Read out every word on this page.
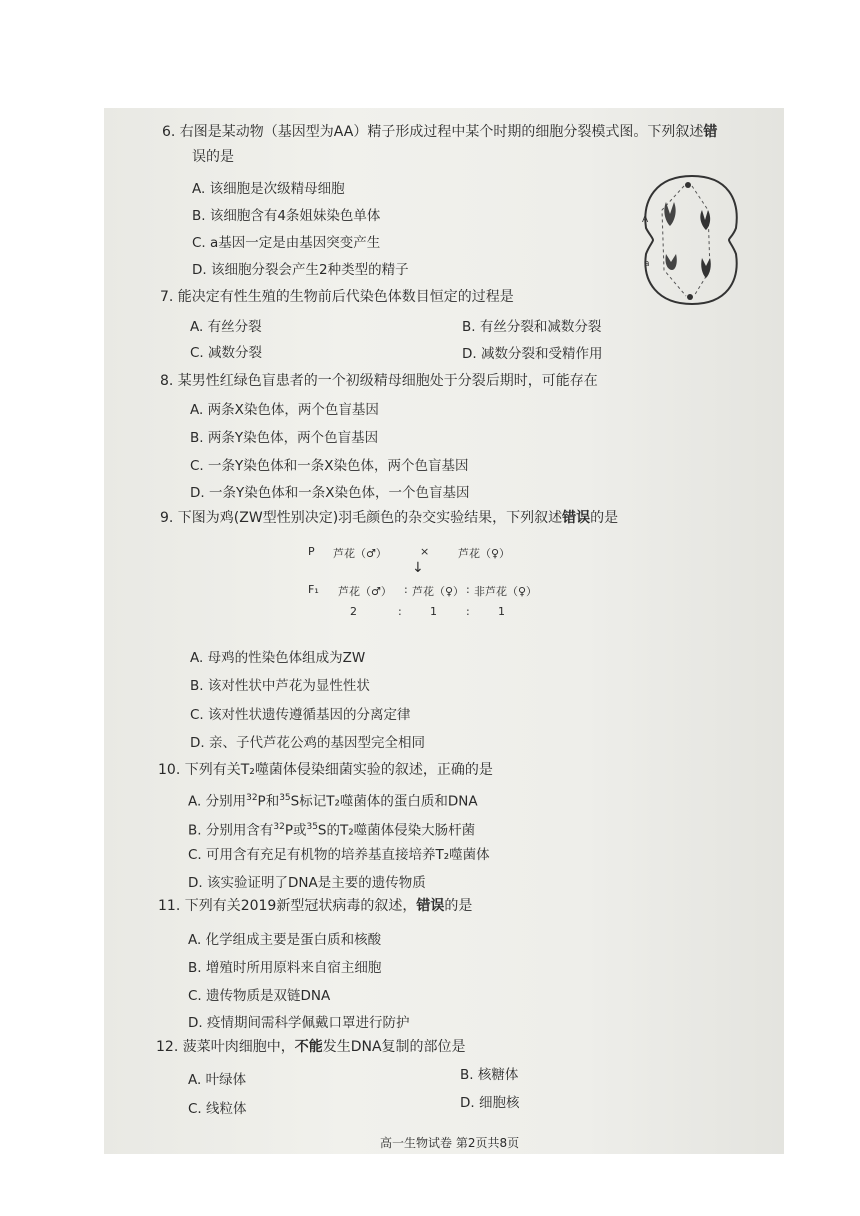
6. 右图是某动物（基因型为AA）精子形成过程中某个时期的细胞分裂模式图。下列叙述错
误的是
A. 该细胞是次级精母细胞
B. 该细胞含有4条姐妹染色单体
C. a基因一定是由基因突变产生
D. 该细胞分裂会产生2种类型的精子
A
a
7. 能决定有性生殖的生物前后代染色体数目恒定的过程是
A. 有丝分裂	B. 有丝分裂和减数分裂
C. 减数分裂	D. 减数分裂和受精作用
8. 某男性红绿色盲患者的一个初级精母细胞处于分裂后期时，可能存在
A. 两条X染色体，两个色盲基因
B. 两条Y染色体，两个色盲基因
C. 一条Y染色体和一条X染色体，两个色盲基因
D. 一条Y染色体和一条X染色体，一个色盲基因
9. 下图为鸡(ZW型性别决定)羽毛颜色的杂交实验结果，下列叙述错误的是
P 芦花（♂）	×	芦花（♀）
↓
F₁ 芦花（♂） : 芦花（♀） : 非芦花（♀）
2	:	1	:	1
A. 母鸡的性染色体组成为ZW
B. 该对性状中芦花为显性性状
C. 该对性状遗传遵循基因的分离定律
D. 亲、子代芦花公鸡的基因型完全相同
10. 下列有关T₂噬菌体侵染细菌实验的叙述，正确的是
A. 分别用$^{32}$P和$^{35}$S标记T₂噬菌体的蛋白质和DNA
B. 分别用含有$^{32}$P或$^{35}$S的T₂噬菌体侵染大肠杆菌
C. 可用含有充足有机物的培养基直接培养T₂噬菌体
D. 该实验证明了DNA是主要的遗传物质
11. 下列有关2019新型冠状病毒的叙述，错误的是
A. 化学组成主要是蛋白质和核酸
B. 增殖时所用原料来自宿主细胞
C. 遗传物质是双链DNA
D. 疫情期间需科学佩戴口罩进行防护
12. 菠菜叶肉细胞中，不能发生DNA复制的部位是
A. 叶绿体	B. 核糖体
C. 线粒体	D. 细胞核
高一生物试卷 第2页共8页
